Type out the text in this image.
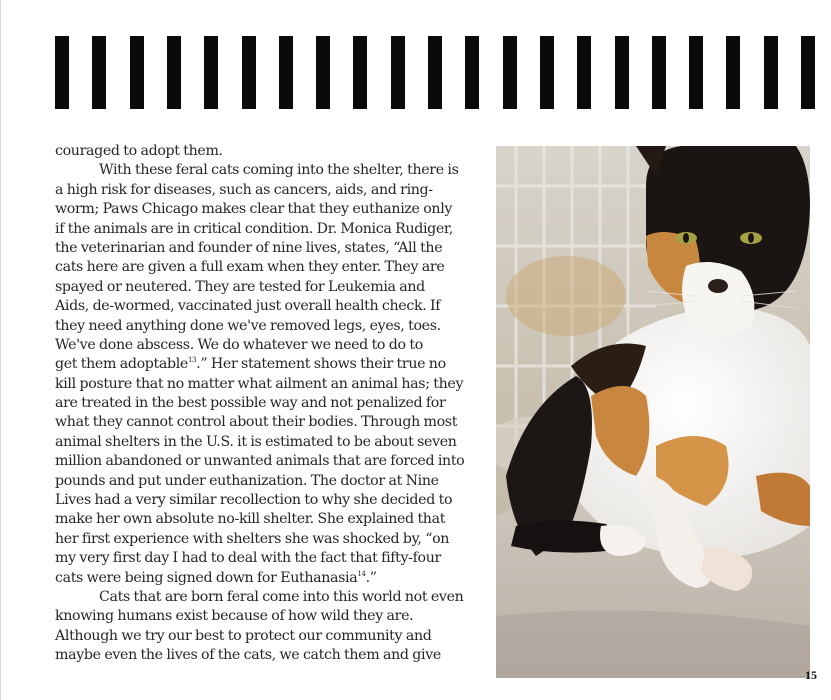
couraged to adopt them.
With these feral cats coming into the shelter, there is
a high risk for diseases, such as cancers, aids, and ring-
worm; Paws Chicago makes clear that they euthanize only
if the animals are in critical condition. Dr. Monica Rudiger,
the veterinarian and founder of nine lives, states, “All the
cats here are given a full exam when they enter. They are
spayed or neutered. They are tested for Leukemia and
Aids, de-wormed, vaccinated just overall health check. If
they need anything done we've removed legs, eyes, toes.
We've done abscess. We do whatever we need to do to
get them adoptable$^{13}$.” Her statement shows their true no
kill posture that no matter what ailment an animal has; they
are treated in the best possible way and not penalized for
what they cannot control about their bodies. Through most
animal shelters in the U.S. it is estimated to be about seven
million abandoned or unwanted animals that are forced into
pounds and put under euthanization. The doctor at Nine
Lives had a very similar recollection to why she decided to
make her own absolute no-kill shelter. She explained that
her first experience with shelters she was shocked by, “on
my very first day I had to deal with the fact that fifty-four
cats were being signed down for Euthanasia$^{14}$.”
Cats that are born feral come into this world not even
knowing humans exist because of how wild they are.
Although we try our best to protect our community and
maybe even the lives of the cats, we catch them and give
15
